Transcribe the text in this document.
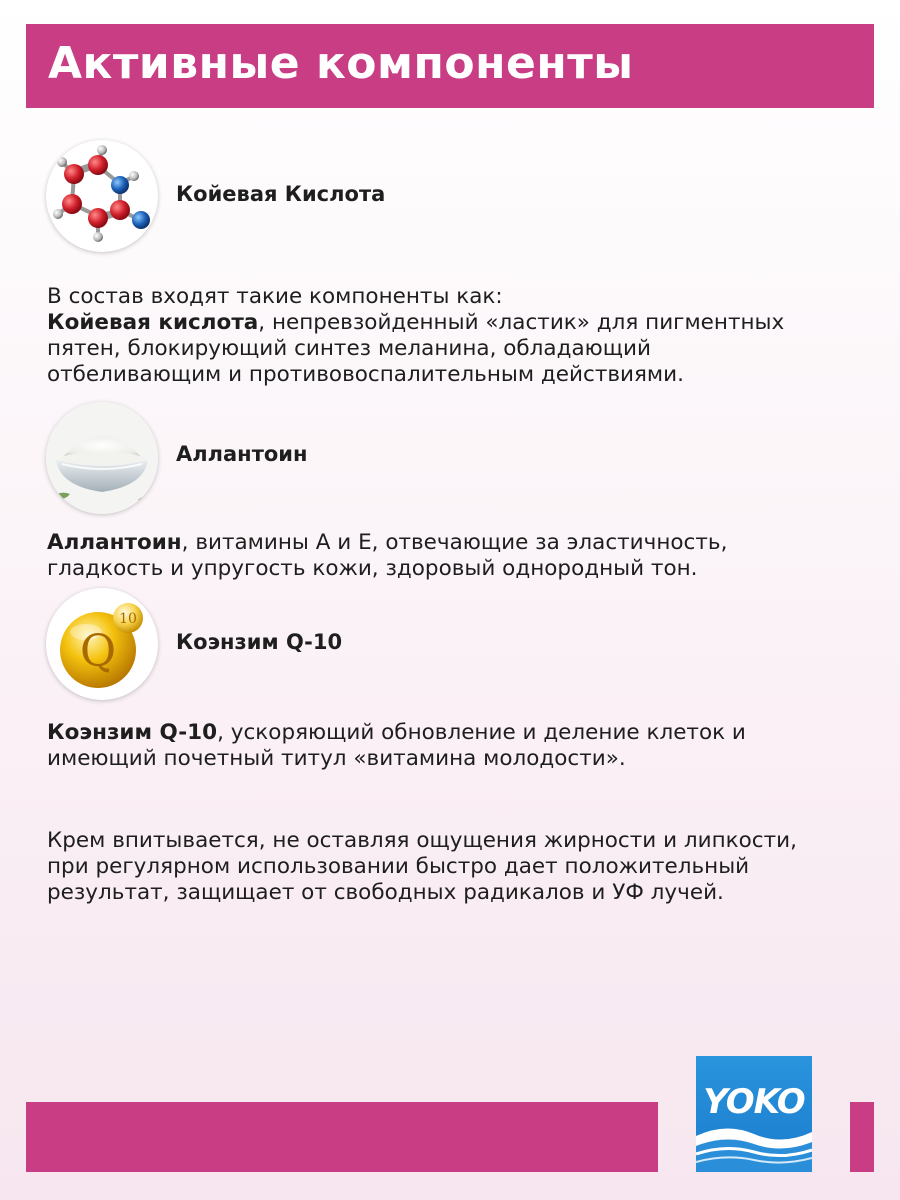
Активные компоненты

Койевая Кислота

В состав входят такие компоненты как:
Койевая кислота, непревзойденный «ластик» для пигментных
пятен, блокирующий синтез меланина, обладающий
отбеливающим и противовоспалительным действиями.

Аллантоин

Аллантоин, витамины А и Е, отвечающие за эластичность,
гладкость и упругость кожи, здоровый однородный тон.
Q
10

Коэнзим Q-10

Коэнзим Q-10, ускоряющий обновление и деление клеток и
имеющий почетный титул «витамина молодости».
Крем впитывается, не оставляя ощущения жирности и липкости,
при регулярном использовании быстро дает положительный
результат, защищает от свободных радикалов и УФ лучей.
YOKO
